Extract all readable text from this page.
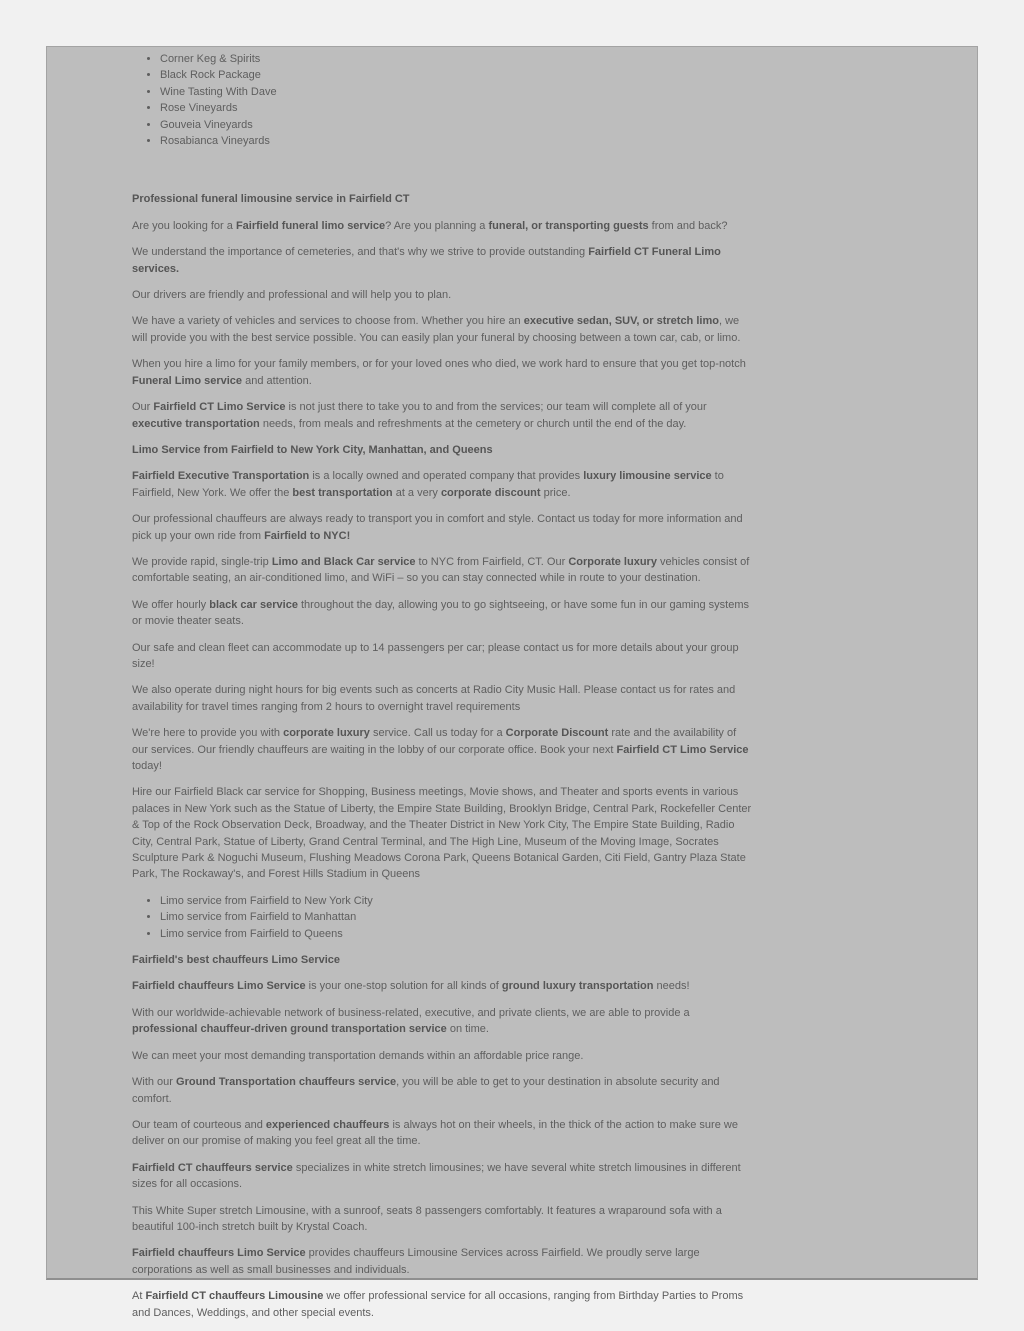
• Corner Keg & Spirits
• Black Rock Package
• Wine Tasting With Dave
• Rose Vineyards
• Gouveia Vineyards
• Rosabianca Vineyards
Professional funeral limousine service in Fairfield CT

Are you looking for a Fairfield funeral limo service? Are you planning a funeral, or transporting guests from and back?

We understand the importance of cemeteries, and that's why we strive to provide outstanding Fairfield CT Funeral Limo services.

Our drivers are friendly and professional and will help you to plan.

We have a variety of vehicles and services to choose from. Whether you hire an executive sedan, SUV, or stretch limo, we will provide you with the best service possible. You can easily plan your funeral by choosing between a town car, cab, or limo.

When you hire a limo for your family members, or for your loved ones who died, we work hard to ensure that you get top-notch Funeral Limo service and attention.

Our Fairfield CT Limo Service is not just there to take you to and from the services; our team will complete all of your executive transportation needs, from meals and refreshments at the cemetery or church until the end of the day.

Limo Service from Fairfield to New York City, Manhattan, and Queens

Fairfield Executive Transportation is a locally owned and operated company that provides luxury limousine service to Fairfield, New York. We offer the best transportation at a very corporate discount price.

Our professional chauffeurs are always ready to transport you in comfort and style. Contact us today for more information and pick up your own ride from Fairfield to NYC!

We provide rapid, single-trip Limo and Black Car service to NYC from Fairfield, CT. Our Corporate luxury vehicles consist of comfortable seating, an air-conditioned limo, and WiFi – so you can stay connected while in route to your destination.

We offer hourly black car service throughout the day, allowing you to go sightseeing, or have some fun in our gaming systems or movie theater seats.

Our safe and clean fleet can accommodate up to 14 passengers per car; please contact us for more details about your group size!

We also operate during night hours for big events such as concerts at Radio City Music Hall. Please contact us for rates and availability for travel times ranging from 2 hours to overnight travel requirements

We're here to provide you with corporate luxury service. Call us today for a Corporate Discount rate and the availability of our services. Our friendly chauffeurs are waiting in the lobby of our corporate office. Book your next Fairfield CT Limo Service today!

Hire our Fairfield Black car service for Shopping, Business meetings, Movie shows, and Theater and sports events in various palaces in New York such as the Statue of Liberty, the Empire State Building, Brooklyn Bridge, Central Park, Rockefeller Center & Top of the Rock Observation Deck, Broadway, and the Theater District in New York City, The Empire State Building, Radio City, Central Park, Statue of Liberty, Grand Central Terminal, and The High Line, Museum of the Moving Image, Socrates Sculpture Park & Noguchi Museum, Flushing Meadows Corona Park, Queens Botanical Garden, Citi Field, Gantry Plaza State Park, The Rockaway's, and Forest Hills Stadium in Queens

• Limo service from Fairfield to New York City
• Limo service from Fairfield to Manhattan
• Limo service from Fairfield to Queens
Fairfield's best chauffeurs Limo Service

Fairfield chauffeurs Limo Service is your one-stop solution for all kinds of ground luxury transportation needs!

With our worldwide-achievable network of business-related, executive, and private clients, we are able to provide a professional chauffeur-driven ground transportation service on time.

We can meet your most demanding transportation demands within an affordable price range.

With our Ground Transportation chauffeurs service, you will be able to get to your destination in absolute security and comfort.

Our team of courteous and experienced chauffeurs is always hot on their wheels, in the thick of the action to make sure we deliver on our promise of making you feel great all the time.

Fairfield CT chauffeurs service specializes in white stretch limousines; we have several white stretch limousines in different sizes for all occasions.

This White Super stretch Limousine, with a sunroof, seats 8 passengers comfortably. It features a wraparound sofa with a beautiful 100-inch stretch built by Krystal Coach.

Fairfield chauffeurs Limo Service provides chauffeurs Limousine Services across Fairfield. We proudly serve large corporations as well as small businesses and individuals.

At Fairfield CT chauffeurs Limousine we offer professional service for all occasions, ranging from Birthday Parties to Proms and Dances, Weddings, and other special events.
